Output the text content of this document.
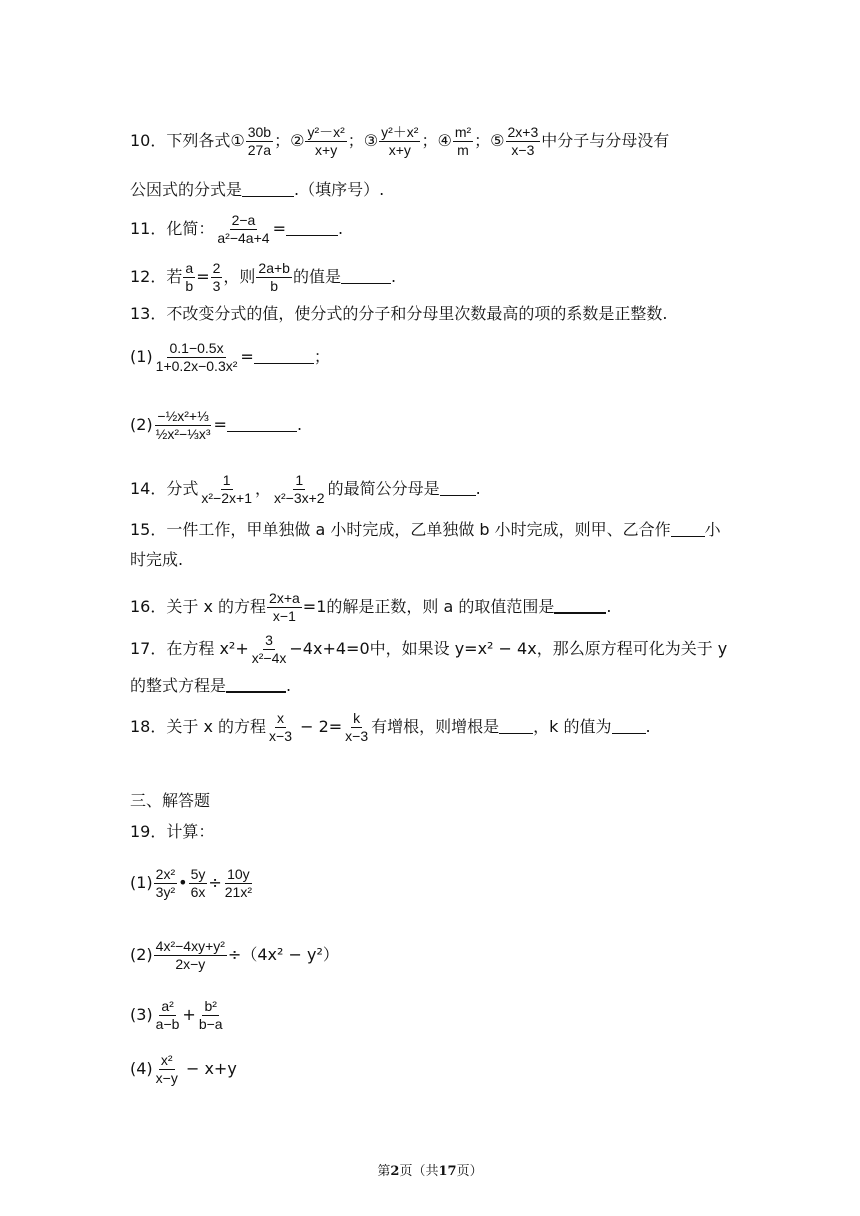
10．下列各式① $\frac{30b}{27a}$ ；② $\frac{\text{y²－x²}}{x+y}$ ；③ $\frac{\text{y²＋x²}}{x+y}$ ；④ $\frac{\text{m²}}{m}$ ；⑤ $\frac{2x+3}{x-3}$ 中分子与分母没有
公因式的分式是	.（填序号）.
11．化简： $\frac{2-a}{\text{a²−4a+4}}$ =	.
12．若 $\frac{a}{b} = \frac{2}{3}$ ，则 $\frac{2a+b}{b}$ 的值是	.
13．不改变分式的值，使分式的分子和分母里次数最高的项的系数是正整数.
$(1) \frac{0.1-0.5x}{\text{1+0.2x−0.3x²}}$ =	；
$(2) \frac{\text{−½x²+⅓}}{\text{½x²−⅓x³}}$ =	.
14．分式 $\frac{1}{\text{x²−2x+1}}$ ， $\frac{1}{\text{x²−3x+2}}$ 的最简公分母是 .
15．一件工作，甲单独做 a 小时完成，乙单独做 b 小时完成，则甲、乙合作 小
时完成.
16．关于 x 的方程 $\frac{2x+a}{x-1} =1$的解是正数，则 a 的取值范围是	.
17．在方程 $x^2+ \frac{3}{\text{x²−4x}} -4x+4=0$中，如果设 y=x² − 4x，那么原方程可化为关于 y
的整式方程是	.
18．关于 x 的方程 $\frac{x}{x-3} - 2= \frac{k}{x-3}$ 有增根，则增根是 ，k 的值为 .
三、解答题
19．计算：
$(1) \frac{\text{2x²}}{\text{3y²}}$ • $\frac{5y}{6x} \div \frac{10y}{\text{21x²}}$
$(2) \frac{\text{4x²−4xy+y²}}{2x-y} \div(4x^2 - y^2)$
$(3) \frac{\text{a²}}{a-b} + \frac{\text{b²}}{b-a}$
$(4) \frac{\text{x²}}{x-y} - x+y$
第2页（共17页）
